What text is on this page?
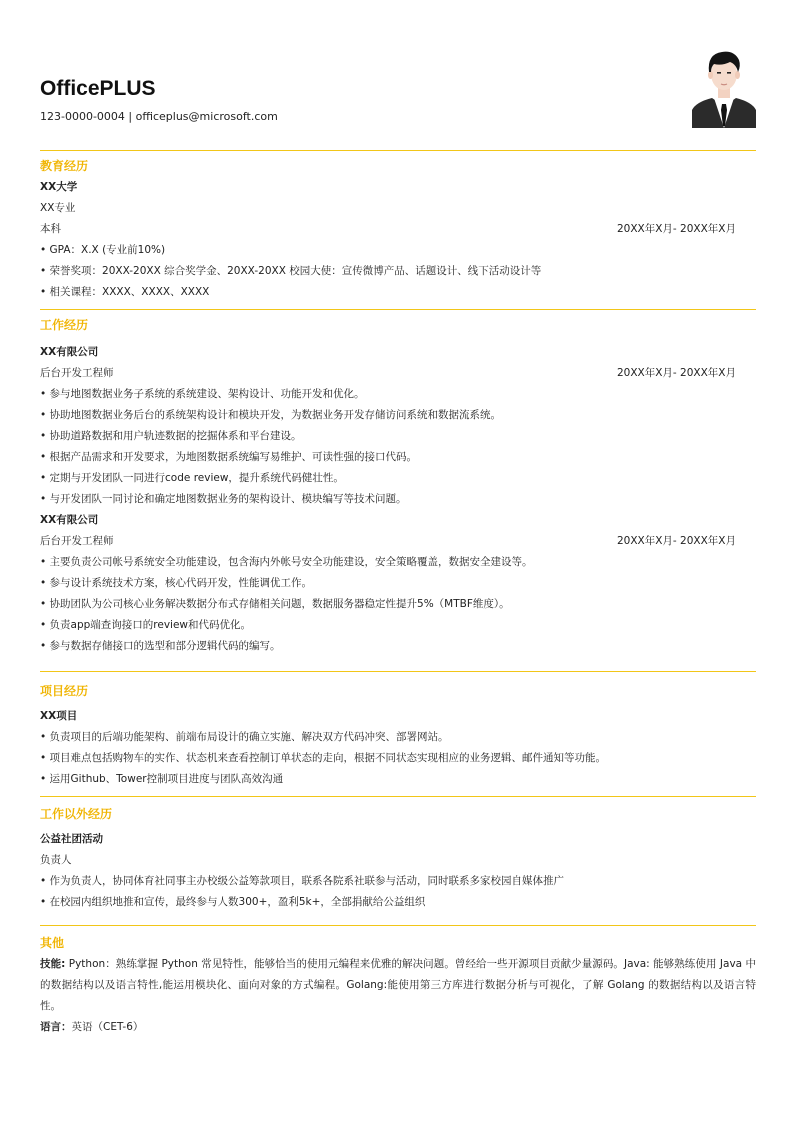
OfficePLUS
123-0000-0004 | officeplus@microsoft.com
教育经历
XX大学
XX专业
本科	20XX年X月- 20XX年X月
• GPA：X.X (专业前10%)
• 荣誉奖项：20XX-20XX 综合奖学金、20XX-20XX 校园大使：宣传微博产品、话题设计、线下活动设计等
• 相关课程：XXXX、XXXX、XXXX
工作经历
XX有限公司
后台开发工程师	20XX年X月- 20XX年X月
• 参与地图数据业务子系统的系统建设、架构设计、功能开发和优化。
• 协助地图数据业务后台的系统架构设计和模块开发，为数据业务开发存储访问系统和数据流系统。
• 协助道路数据和用户轨迹数据的挖掘体系和平台建设。
• 根据产品需求和开发要求，为地图数据系统编写易维护、可读性强的接口代码。
• 定期与开发团队一同进行code review，提升系统代码健壮性。
• 与开发团队一同讨论和确定地图数据业务的架构设计、模块编写等技术问题。
XX有限公司
后台开发工程师	20XX年X月- 20XX年X月
• 主要负责公司帐号系统安全功能建设，包含海内外帐号安全功能建设，安全策略覆盖，数据安全建设等。
• 参与设计系统技术方案，核心代码开发，性能调优工作。
• 协助团队为公司核心业务解决数据分布式存储相关问题，数据服务器稳定性提升5%（MTBF维度）。
• 负责app端查询接口的review和代码优化。
• 参与数据存储接口的选型和部分逻辑代码的编写。
项目经历
XX项目
• 负责项目的后端功能架构、前端布局设计的确立实施、解决双方代码冲突、部署网站。
• 项目难点包括购物车的实作、状态机来查看控制订单状态的走向，根据不同状态实现相应的业务逻辑、邮件通知等功能。
• 运用Github、Tower控制项目进度与团队高效沟通
工作以外经历
公益社团活动
负责人
• 作为负责人，协同体育社同事主办校级公益筹款项目，联系各院系社联参与活动，同时联系多家校园自媒体推广
• 在校园内组织地推和宣传，最终参与人数300+，盈利5k+，全部捐献给公益组织
其他
技能: Python：熟练掌握 Python 常见特性，能够恰当的使用元编程来优雅的解决问题。曾经给一些开源项目贡献少量源码。Java: 能够熟练使用 Java 中的数据结构以及语言特性,能运用模块化、面向对象的方式编程。Golang:能使用第三方库进行数据分析与可视化，了解 Golang 的数据结构以及语言特性。
语言：英语（CET-6）
